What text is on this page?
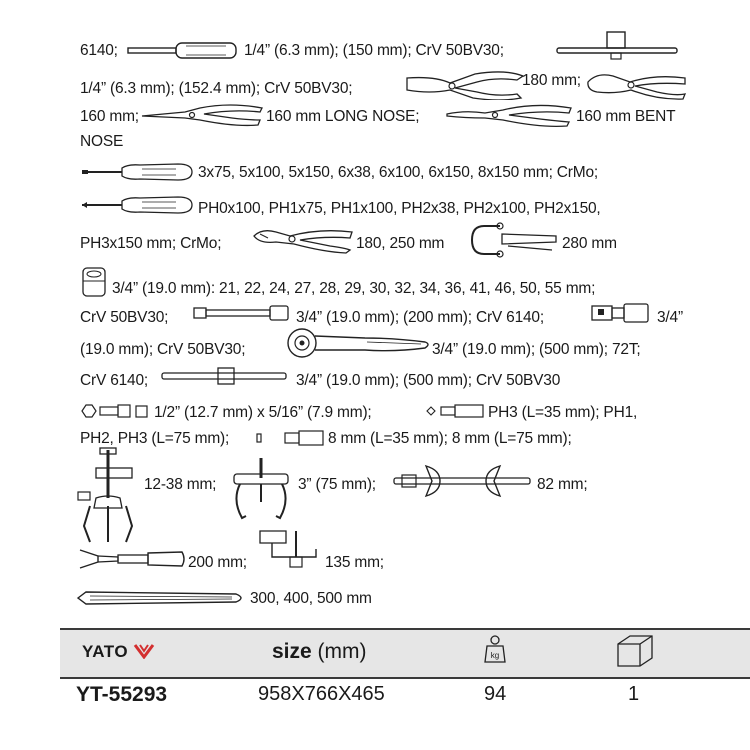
6140;	1/4” (6.3 mm); (150 mm); CrV 50BV30;
1/4” (6.3 mm); (152.4 mm); CrV 50BV30;	180 mm;
160 mm;	160 mm LONG NOSE;	160 mm BENT
NOSE
3x75, 5x100, 5x150, 6x38, 6x100, 6x150, 8x150 mm; CrMo;
PH0x100, PH1x75, PH1x100, PH2x38, PH2x100, PH2x150,
PH3x150 mm; CrMo;	180, 250 mm	280 mm
3/4” (19.0 mm): 21, 22, 24, 27, 28, 29, 30, 32, 34, 36, 41, 46, 50, 55 mm;
CrV 50BV30;	3/4” (19.0 mm); (200 mm); CrV 6140;	3/4”
(19.0 mm); CrV 50BV30;	3/4” (19.0 mm); (500 mm); 72T;
CrV 6140;	3/4” (19.0 mm); (500 mm); CrV 50BV30
1/2” (12.7 mm) x 5/16” (7.9 mm);	PH3 (L=35 mm); PH1,
PH2, PH3 (L=75 mm);	8 mm (L=35 mm); 8 mm (L=75 mm);
12-38 mm;	3” (75 mm);	82 mm;
200 mm;	135 mm;
300, 400, 500 mm
YATO	size (mm)	kg
YT-55293	958X766X465	94	1
